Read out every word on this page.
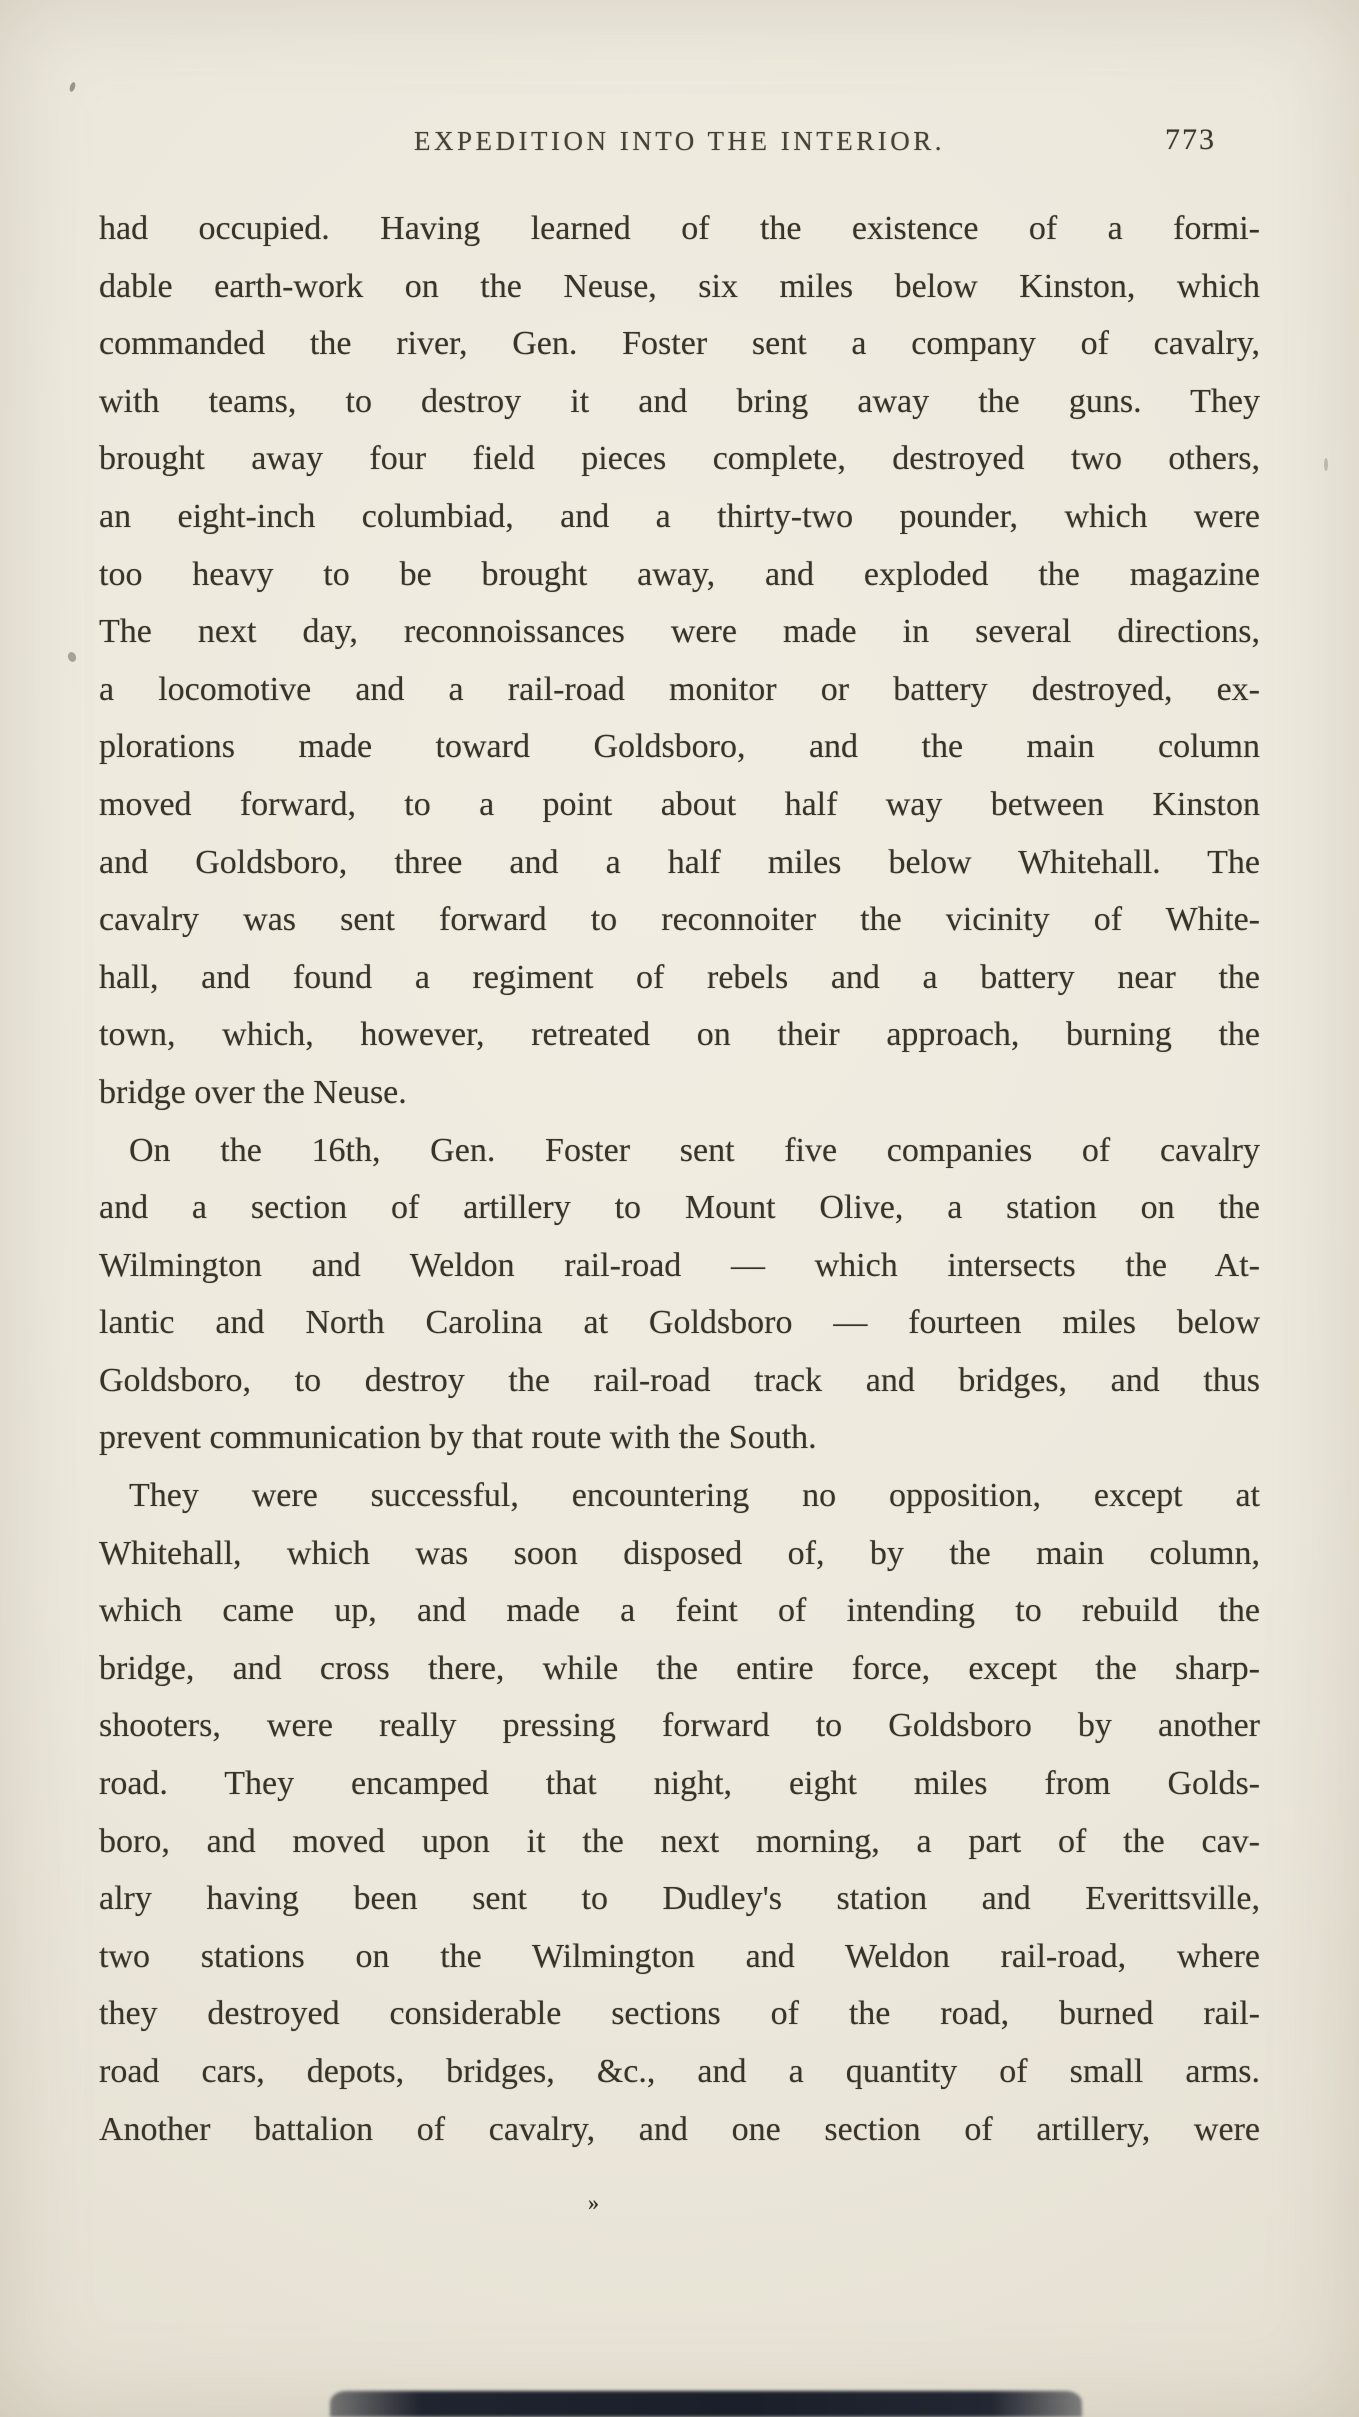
EXPEDITION INTO THE INTERIOR.	773
had occupied. Having learned of the existence of a formi-
dable earth-work on the Neuse, six miles below Kinston, which
commanded the river, Gen. Foster sent a company of cavalry,
with teams, to destroy it and bring away the guns. They
brought away four field pieces complete, destroyed two others,
an eight-inch columbiad, and a thirty-two pounder, which were
too heavy to be brought away, and exploded the magazine
The next day, reconnoissances were made in several directions,
a locomotive and a rail-road monitor or battery destroyed, ex-
plorations made toward Goldsboro, and the main column
moved forward, to a point about half way between Kinston
and Goldsboro, three and a half miles below Whitehall. The
cavalry was sent forward to reconnoiter the vicinity of White-
hall, and found a regiment of rebels and a battery near the
town, which, however, retreated on their approach, burning the
bridge over the Neuse.
On the 16th, Gen. Foster sent five companies of cavalry
and a section of artillery to Mount Olive, a station on the
Wilmington and Weldon rail-road — which intersects the At-
lantic and North Carolina at Goldsboro — fourteen miles below
Goldsboro, to destroy the rail-road track and bridges, and thus
prevent communication by that route with the South.
They were successful, encountering no opposition, except at
Whitehall, which was soon disposed of, by the main column,
which came up, and made a feint of intending to rebuild the
bridge, and cross there, while the entire force, except the sharp-
shooters, were really pressing forward to Goldsboro by another
road. They encamped that night, eight miles from Golds-
boro, and moved upon it the next morning, a part of the cav-
alry having been sent to Dudley's station and Everittsville,
two stations on the Wilmington and Weldon rail-road, where
they destroyed considerable sections of the road, burned rail-
road cars, depots, bridges, &c., and a quantity of small arms.
Another battalion of cavalry, and one section of artillery, were
»
